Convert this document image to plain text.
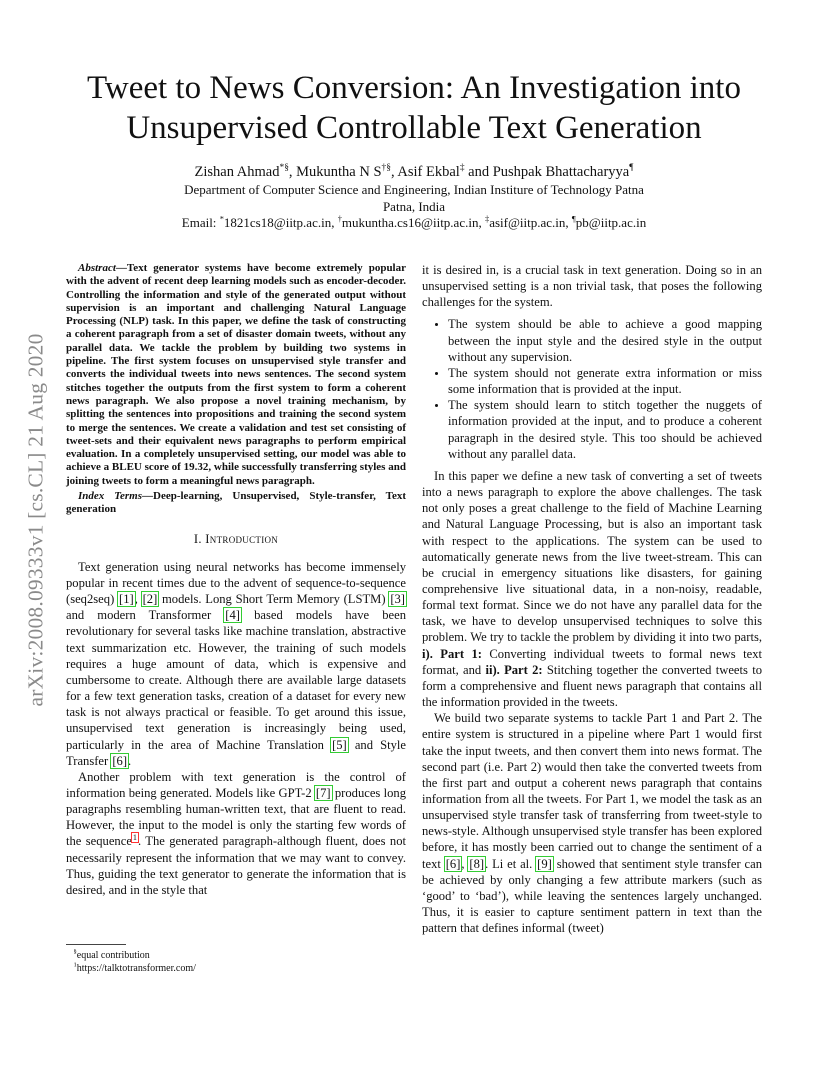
arXiv:2008.09333v1 [cs.CL] 21 Aug 2020
Tweet to News Conversion: An Investigation into
Unsupervised Controllable Text Generation
Zishan Ahmad*§, Mukuntha N S†§, Asif Ekbal‡ and Pushpak Bhattacharyya¶
Department of Computer Science and Engineering, Indian Institure of Technology Patna
Patna, India
Email: *1821cs18@iitp.ac.in, †mukuntha.cs16@iitp.ac.in, ‡asif@iitp.ac.in, ¶pb@iitp.ac.in

Abstract—Text generator systems have become extremely popular with the advent of recent deep learning models such as encoder-decoder. Controlling the information and style of the generated output without supervision is an important and challenging Natural Language Processing (NLP) task. In this paper, we define the task of constructing a coherent paragraph from a set of disaster domain tweets, without any parallel data. We tackle the problem by building two systems in pipeline. The first system focuses on unsupervised style transfer and converts the individual tweets into news sentences. The second system stitches together the outputs from the first system to form a coherent news paragraph. We also propose a novel training mechanism, by splitting the sentences into propositions and training the second system to merge the sentences. We create a validation and test set consisting of tweet-sets and their equivalent news paragraphs to perform empirical evaluation. In a completely unsupervised setting, our model was able to achieve a BLEU score of 19.32, while successfully transferring styles and joining tweets to form a meaningful news paragraph.

Index Terms—Deep-learning, Unsupervised, Style-transfer, Text generation

I. Introduction

Text generation using neural networks has become immensely popular in recent times due to the advent of sequence-to-sequence (seq2seq) [1], [2] models. Long Short Term Memory (LSTM) [3] and modern Transformer [4] based models have been revolutionary for several tasks like machine translation, abstractive text summarization etc. However, the training of such models requires a huge amount of data, which is expensive and cumbersome to create. Although there are available large datasets for a few text generation tasks, creation of a dataset for every new task is not always practical or feasible. To get around this issue, unsupervised text generation is increasingly being used, particularly in the area of Machine Translation [5] and Style Transfer [6].

Another problem with text generation is the control of information being generated. Models like GPT-2 [7] produces long paragraphs resembling human-written text, that are fluent to read. However, the input to the model is only the starting few words of the sequence$^1$. The generated paragraph-although fluent, does not necessarily represent the information that we may want to convey. Thus, guiding the text generator to generate the information that is desired, and in the style that

§equal contribution
$^1$https://talktotransformer.com/

it is desired in, is a crucial task in text generation. Doing so in an unsupervised setting is a non trivial task, that poses the following challenges for the system.

• The system should be able to achieve a good mapping between the input style and the desired style in the output without any supervision.
• The system should not generate extra information or miss some information that is provided at the input.
• The system should learn to stitch together the nuggets of information provided at the input, and to produce a coherent paragraph in the desired style. This too should be achieved without any parallel data.

In this paper we define a new task of converting a set of tweets into a news paragraph to explore the above challenges. The task not only poses a great challenge to the field of Machine Learning and Natural Language Processing, but is also an important task with respect to the applications. The system can be used to automatically generate news from the live tweet-stream. This can be crucial in emergency situations like disasters, for gaining comprehensive live situational data, in a non-noisy, readable, formal text format. Since we do not have any parallel data for the task, we have to develop unsupervised techniques to solve this problem. We try to tackle the problem by dividing it into two parts, i). Part 1: Converting individual tweets to formal news text format, and ii). Part 2: Stitching together the converted tweets to form a comprehensive and fluent news paragraph that contains all the information provided in the tweets.

We build two separate systems to tackle Part 1 and Part 2. The entire system is structured in a pipeline where Part 1 would first take the input tweets, and then convert them into news format. The second part (i.e. Part 2) would then take the converted tweets from the first part and output a coherent news paragraph that contains information from all the tweets. For Part 1, we model the task as an unsupervised style transfer task of transferring from tweet-style to news-style. Although unsupervised style transfer has been explored before, it has mostly been carried out to change the sentiment of a text [6], [8]. Li et al. [9] showed that sentiment style transfer can be achieved by only changing a few attribute markers (such as ‘good’ to ‘bad’), while leaving the sentences largely unchanged. Thus, it is easier to capture sentiment pattern in text than the pattern that defines informal (tweet)
